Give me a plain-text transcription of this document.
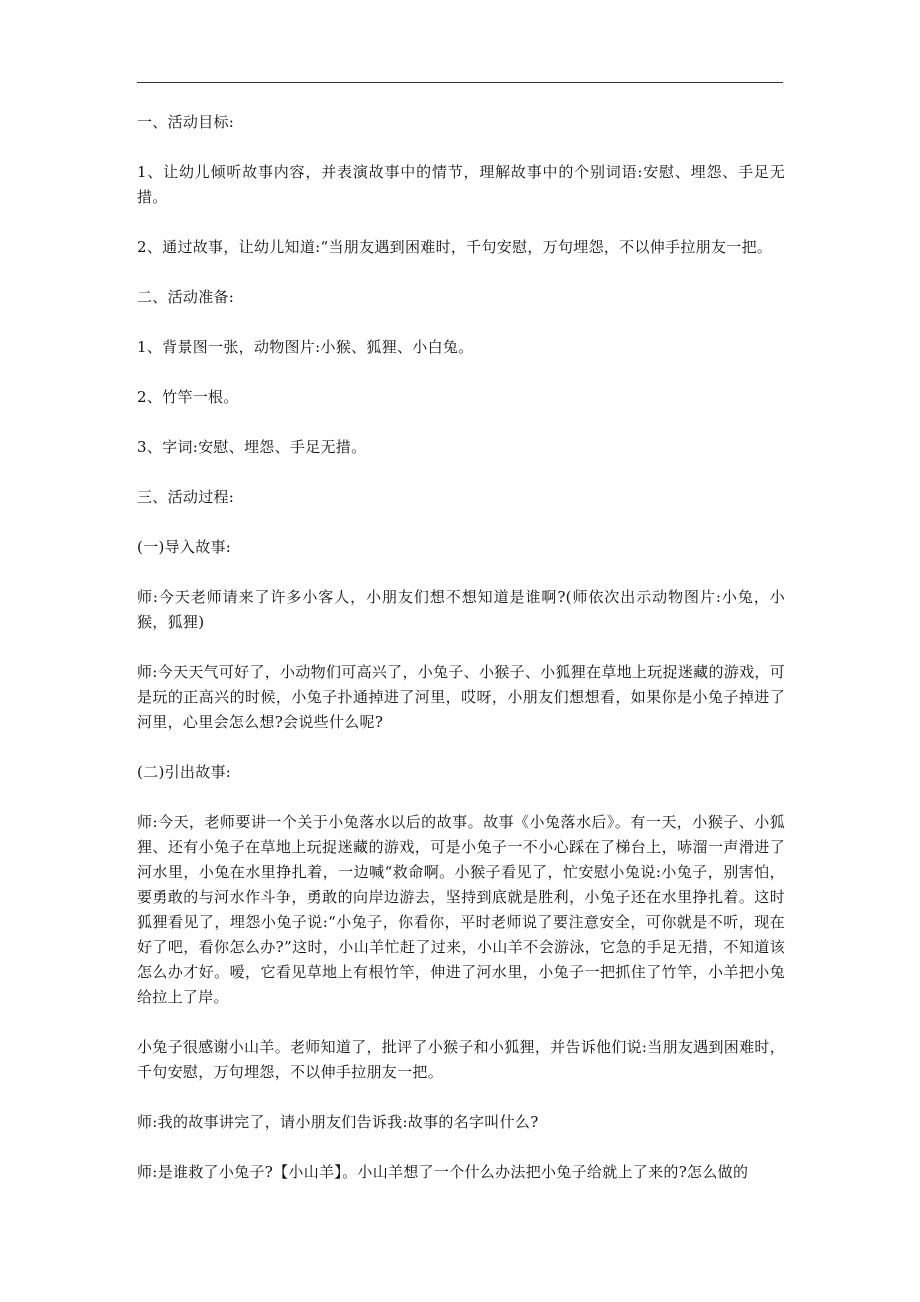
一、活动目标:

1、让幼儿倾听故事内容，并表演故事中的情节，理解故事中的个别词语:安慰、埋怨、手足无措。

2、通过故事，让幼儿知道:“当朋友遇到困难时，千句安慰，万句埋怨，不以伸手拉朋友一把。

二、活动准备:

1、背景图一张，动物图片:小猴、狐狸、小白兔。

2、竹竿一根。

3、字词:安慰、埋怨、手足无措。

三、活动过程:

(一)导入故事:

师:今天老师请来了许多小客人，小朋友们想不想知道是谁啊?(师依次出示动物图片:小兔，小猴，狐狸)

师:今天天气可好了，小动物们可高兴了，小兔子、小猴子、小狐狸在草地上玩捉迷藏的游戏，可是玩的正高兴的时候，小兔子扑通掉进了河里，哎呀，小朋友们想想看，如果你是小兔子掉进了河里，心里会怎么想?会说些什么呢?

(二)引出故事:

师:今天，老师要讲一个关于小兔落水以后的故事。故事《小兔落水后》。有一天，小猴子、小狐狸、还有小兔子在草地上玩捉迷藏的游戏，可是小兔子一不小心踩在了梯台上，哧溜一声滑进了河水里，小兔在水里挣扎着，一边喊“救命啊。小猴子看见了，忙安慰小兔说:小兔子，别害怕，要勇敢的与河水作斗争，勇敢的向岸边游去，坚持到底就是胜利，小兔子还在水里挣扎着。这时狐狸看见了，埋怨小兔子说:“小兔子，你看你，平时老师说了要注意安全，可你就是不听，现在好了吧，看你怎么办?”这时，小山羊忙赶了过来，小山羊不会游泳，它急的手足无措，不知道该怎么办才好。嗳，它看见草地上有根竹竿，伸进了河水里，小兔子一把抓住了竹竿，小羊把小兔给拉上了岸。

小兔子很感谢小山羊。老师知道了，批评了小猴子和小狐狸，并告诉他们说:当朋友遇到困难时，千句安慰，万句埋怨，不以伸手拉朋友一把。

师:我的故事讲完了，请小朋友们告诉我:故事的名字叫什么?

师:是谁救了小兔子?【小山羊】。小山羊想了一个什么办法把小兔子给就上了来的?怎么做的
